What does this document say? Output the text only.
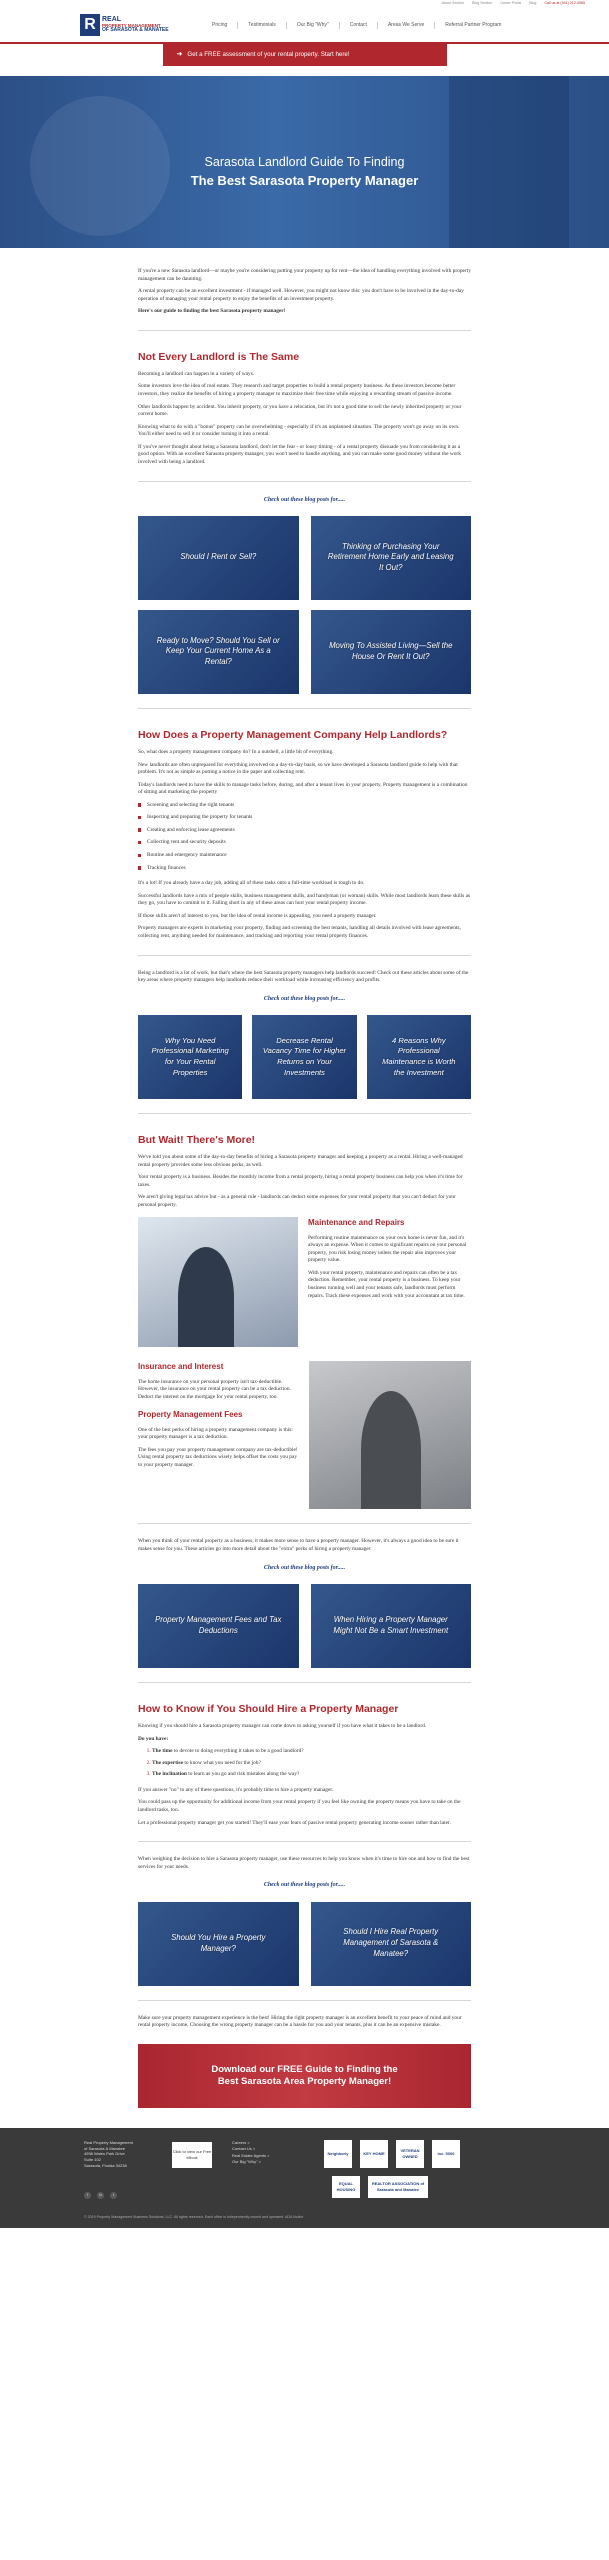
About Section Blog Section Owner Portal Blog Call us at (941) 212-0565
R REAL
PROPERTY MANAGEMENT
OF SARASOTA & MANATEE
Pricing	Testimonials	Our Big "Why"	Contact	Areas We Serve	Referral Partner Program
➜ Get a FREE assessment of your rental property. Start here!
Sarasota Landlord Guide To Finding
The Best Sarasota Property Manager

If you're a new Sarasota landlord—or maybe you're considering putting your property up for rent—the idea of handling everything involved with property management can be daunting.

A rental property can be an excellent investment - if managed well. However, you might not know this: you don't have to be involved in the day-to-day operation of managing your rental property to enjoy the benefits of an investment property.

Here's our guide to finding the best Sarasota property manager!

Not Every Landlord is The Same

Becoming a landlord can happen in a variety of ways.

Some investors love the idea of real estate. They research and target properties to build a rental property business. As these investors become better investors, they realize the benefits of hiring a property manager to maximize their free time while enjoying a rewarding stream of passive income.

Other landlords happen by accident. You inherit property, or you have a relocation, but it's not a good time to sell the newly inherited property or your current home.

Knowing what to do with a "bonus" property can be overwhelming - especially if it's an unplanned situation. The property won't go away on its own. You'll either need to sell it or consider turning it into a rental.

If you've never thought about being a Sarasota landlord, don't let the fear - or lousy timing - of a rental property dissuade you from considering it as a good option. With an excellent Sarasota property manager, you won't need to handle anything, and you can make some good money without the work involved with being a landlord.

Check out these blog posts for.....
Should I Rent or Sell?
Thinking of Purchasing Your Retirement Home Early and Leasing It Out?
Ready to Move? Should You Sell or Keep Your Current Home As a Rental?
Moving To Assisted Living—Sell the House Or Rent It Out?
How Does a Property Management Company Help Landlords?

So, what does a property management company do? In a nutshell, a little bit of everything.

New landlords are often unprepared for everything involved on a day-to-day basis, so we have developed a Sarasota landlord guide to help with that problem. It's not as simple as putting a notice in the paper and collecting rent.

Today's landlords need to have the skills to manage tasks before, during, and after a tenant lives in your property. Property management is a combination of sitting and marketing the property

Screening and selecting the right tenants
Inspecting and preparing the property for tenants
Creating and enforcing lease agreements
Collecting rent and security deposits
Routine and emergency maintenance
Tracking finances

It's a lot! If you already have a day job, adding all of these tasks onto a full-time workload is tough to do.

Successful landlords have a mix of people skills, business management skills, and handyman (or woman) skills. While most landlords learn these skills as they go, you have to commit to it. Falling short in any of these areas can hurt your rental property income.

If those skills aren't of interest to you, but the idea of rental income is appealing, you need a property manager.

Property managers are experts in marketing your property, finding and screening the best tenants, handling all details involved with lease agreements, collecting rent, anything needed for maintenance, and tracking and reporting your rental property finances.

Being a landlord is a lot of work, but that's where the best Sarasota property managers help landlords succeed! Check out these articles about some of the key areas where property managers help landlords reduce their workload while increasing efficiency and profits.

Check out these blog posts for.....
Why You Need Professional Marketing for Your Rental Properties
Decrease Rental Vacancy Time for Higher Returns on Your Investments
4 Reasons Why Professional Maintenance is Worth the Investment
But Wait! There's More!

We've told you about some of the day-to-day benefits of hiring a Sarasota property manager and keeping a property as a rental. Hiring a well-managed rental property provides some less obvious perks, as well.

Your rental property is a business. Besides the monthly income from a rental property, hiring a rental property business can help you when it's time for taxes.

We aren't giving legal tax advice but - as a general rule - landlords can deduct some expenses for your rental property that you can't deduct for your personal property.

Maintenance and Repairs

Performing routine maintenance on your own home is never fun, and it's always an expense. When it comes to significant repairs on your personal property, you risk losing money unless the repair also improves your property value.

With your rental property, maintenance and repairs can often be a tax deduction. Remember, your rental property is a business. To keep your business running well and your tenants safe, landlords must perform repairs. Track these expenses and work with your accountant at tax time.

Insurance and Interest

The home insurance on your personal property isn't tax-deductible. However, the insurance on your rental property can be a tax deduction. Deduct the interest on the mortgage for your rental property, too.

Property Management Fees

One of the best perks of hiring a property management company is this: your property manager is a tax deduction.

The fees you pay your property management company are tax-deductible! Using rental property tax deductions wisely helps offset the costs you pay to your property manager.

When you think of your rental property as a business, it makes more sense to have a property manager. However, it's always a good idea to be sure it makes sense for you. These articles go into more detail about the "extra" perks of hiring a property manager.

Check out these blog posts for.....
Property Management Fees and Tax Deductions
When Hiring a Property Manager Might Not Be a Smart Investment
How to Know if You Should Hire a Property Manager

Knowing if you should hire a Sarasota property manager can come down to asking yourself if you have what it takes to be a landlord.

Do you have:

1. The time to devote to doing everything it takes to be a good landlord?
2. The expertise to know what you need for the job?
3. The inclination to learn as you go and risk mistakes along the way?

If you answer "no" to any of these questions, it's probably time to hire a property manager.

You could pass up the opportunity for additional income from your rental property if you feel like owning the property means you have to take on the landlord tasks, too.

Let a professional property manager get you started! They'll ease your fears of passive rental property generating income sooner rather than later.

When weighing the decision to hire a Sarasota property manager, use these resources to help you know when it's time to hire one and how to find the best services for your needs.

Check out these blog posts for.....
Should You Hire a Property Manager?
Should I Hire Real Property Management of Sarasota & Manatee?

Make sure your property management experience is the best! Hiring the right property manager is an excellent benefit to your peace of mind and your rental property income. Choosing the wrong property manager can be a hassle for you and your tenants, plus it can be an expensive mistake.

Download our FREE Guide to Finding the
Best Sarasota Area Property Manager!
Real Property Management
of Sarasota & Manatee
4598 Wales Park Drive
Suite 102
Sarasota, Florida 34238
Click to view our Free eBook
Careers >
Contact Us >
Real Estate Agents >
Our Big "Why" >
Neighborly	KEY HOME
VETERAN OWNED
Inc. 5000
EQUAL HOUSING
REALTOR ASSOCIATION of Sarasota and Manatee
f	in	t
© 2019 Property Management Business Solutions, LLC. All rights reserved. Each office is independently owned and operated. ADA Notice
